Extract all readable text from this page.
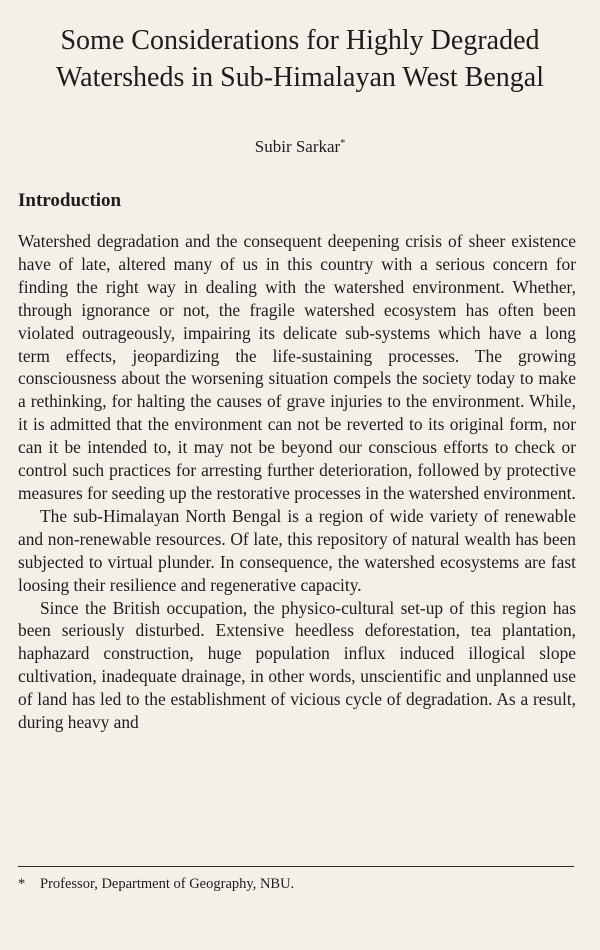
Some Considerations for Highly Degraded Watersheds in Sub-Himalayan West Bengal
Subir Sarkar*
Introduction

Watershed degradation and the consequent deepening crisis of sheer existence have of late, altered many of us in this country with a serious concern for finding the right way in dealing with the watershed environment. Whether, through ignorance or not, the fragile watershed ecosystem has often been violated outrageously, impairing its delicate sub-systems which have a long term effects, jeopardizing the life-sustaining processes. The growing consciousness about the worsening situation compels the society today to make a rethinking, for halting the causes of grave injuries to the environment. While, it is admitted that the environment can not be reverted to its original form, nor can it be intended to, it may not be beyond our conscious efforts to check or control such practices for arresting further deterioration, followed by protective measures for seeding up the restorative processes in the watershed environment.

The sub-Himalayan North Bengal is a region of wide variety of renewable and non-renewable resources. Of late, this repository of natural wealth has been subjected to virtual plunder. In consequence, the watershed ecosystems are fast loosing their resilience and regenerative capacity.

Since the British occupation, the physico-cultural set-up of this region has been seriously disturbed. Extensive heedless deforestation, tea plantation, haphazard construction, huge population influx induced illogical slope cultivation, inadequate drainage, in other words, unscientific and unplanned use of land has led to the establishment of vicious cycle of degradation. As a result, during heavy and

* Professor, Department of Geography, NBU.
